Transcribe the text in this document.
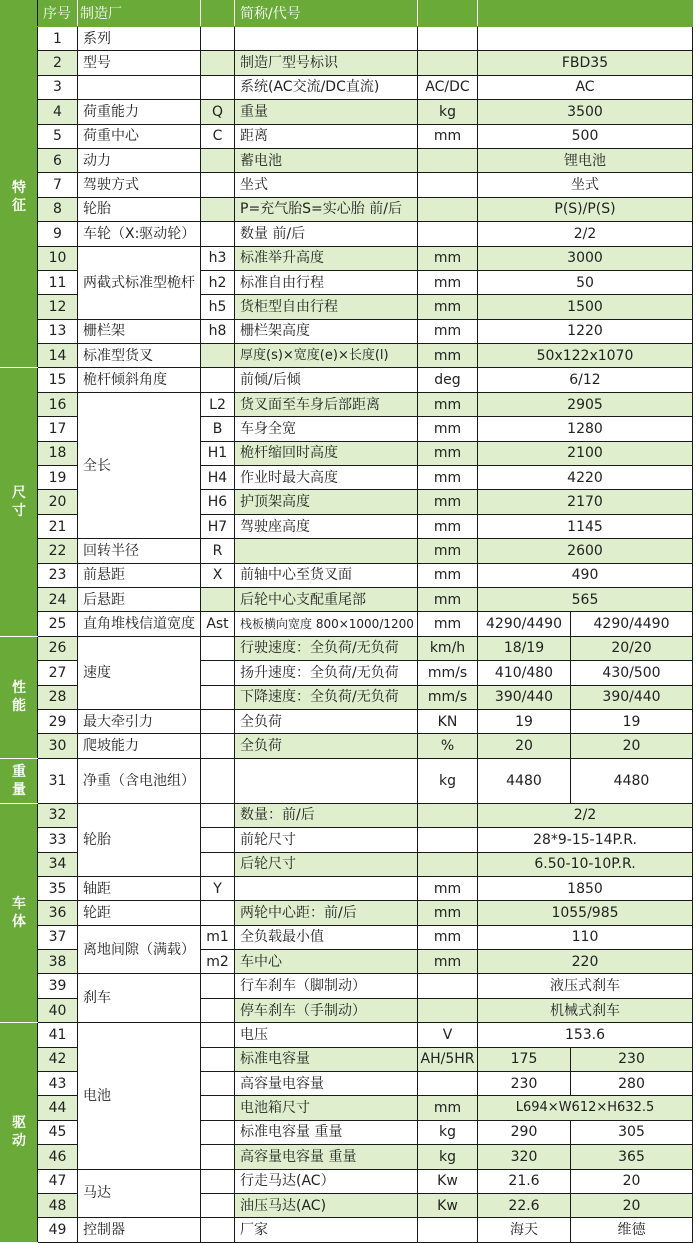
	序号	制造厂		简称/代号			
特
征	1	系列					
	2	型号		制造厂型号标识		FBD35	
	3			系统(AC交流/DC直流)	AC/DC	AC	
	4	荷重能力	Q	重量	kg	3500	
	5	荷重中心	C	距离	mm	500	
	6	动力		蓄电池		锂电池	
	7	驾驶方式		坐式		坐式	
	8	轮胎		P=充气胎S=实心胎 前/后		P(S)/P(S)	
	9	车轮（X:驱动轮）		数量 前/后		2/2	
	10	两截式标准型桅杆	h3	标准举升高度	mm	3000	
	11		h2	标准自由行程	mm	50	
	12		h5	货柜型自由行程	mm	1500	
	13	栅栏架	h8	栅栏架高度	mm	1220	
	14	标准型货叉		厚度(s)×宽度(e)×长度(l)	mm	50x122x1070	
尺
寸	15	桅杆倾斜角度		前倾/后倾	deg	6/12	
	16	全长	L2	货叉面至车身后部距离	mm	2905	
	17		B	车身全宽	mm	1280	
	18		H1	桅杆缩回时高度	mm	2100	
	19		H4	作业时最大高度	mm	4220	
	20		H6	护顶架高度	mm	2170	
	21		H7	驾驶座高度	mm	1145	
	22	回转半径	R		mm	2600	
	23	前悬距	X	前轴中心至货叉面	mm	490	
	24	后悬距		后轮中心支配重尾部	mm	565	
	25	直角堆栈信道宽度	Ast	栈板横向宽度 800×1000/1200	mm	4290/4490	4290/4490
性
能	26	速度		行驶速度：全负荷/无负荷	km/h	18/19	20/20
	27			扬升速度：全负荷/无负荷	mm/s	410/480	430/500
	28			下降速度：全负荷/无负荷	mm/s	390/440	390/440
	29	最大牵引力		全负荷	KN	19	19
	30	爬坡能力		全负荷	%	20	20
重
量	31	净重（含电池组）			kg	4480	4480
车
体	32	轮胎		数量：前/后		2/2	
	33			前轮尺寸		28*9-15-14P.R.	
	34			后轮尺寸		6.50-10-10P.R.	
	35	轴距	Y		mm	1850	
	36	轮距		两轮中心距：前/后	mm	1055/985	
	37	离地间隙（满载）	m1	全负载最小值	mm	110	
	38		m2	车中心	mm	220	
	39	刹车		行车刹车（脚制动）		液压式刹车	
	40			停车刹车（手制动）		机械式刹车	
驱
动	41	电池		电压	V	153.6	
	42			标准电容量	AH/5HR	175	230
	43			高容量电容量		230	280
	44			电池箱尺寸	mm	L694×W612×H632.5	
	45			标准电容量 重量	kg	290	305
	46			高容量电容量 重量	kg	320	365
	47	马达		行走马达(AC）	Kw	21.6	20
	48			油压马达(AC)	Kw	22.6	20
	49	控制器		厂家		海天	维德
